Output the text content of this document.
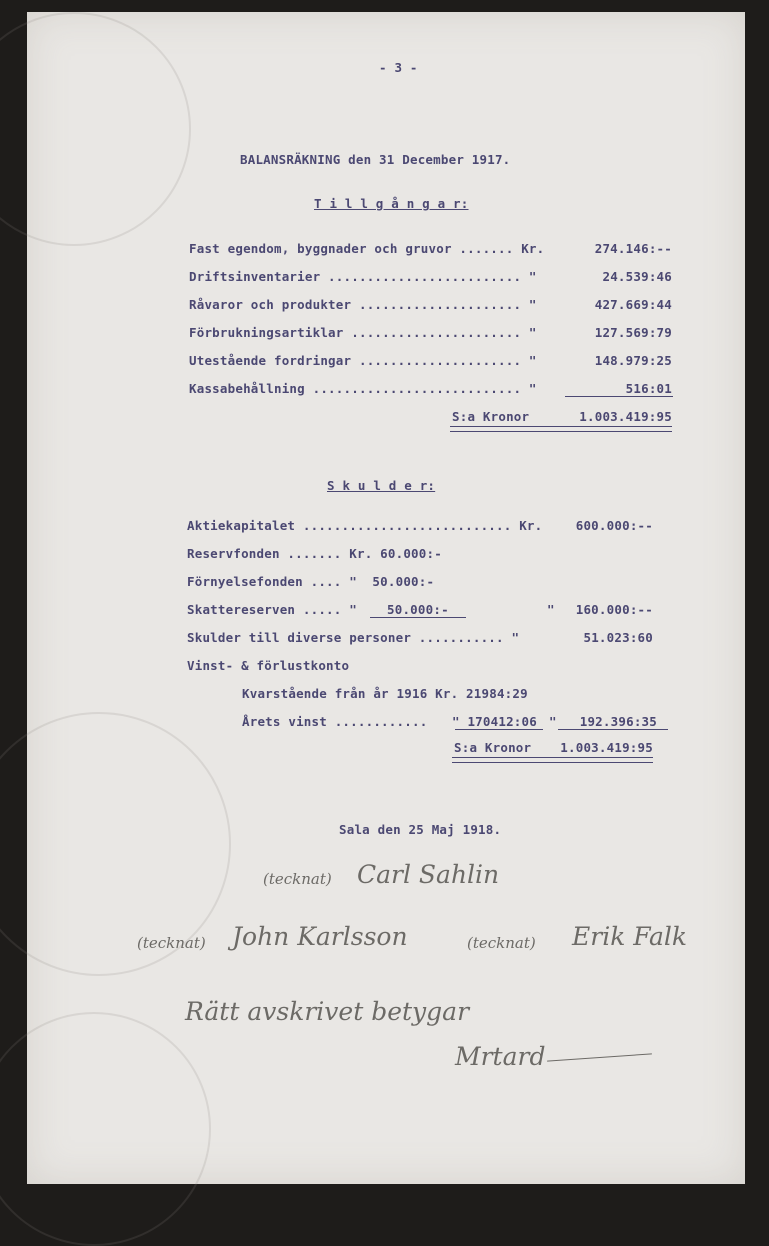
- 3 -
BALANSRÄKNING den 31 December 1917.
T i l l g å n g a r:
Fast egendom, byggnader och gruvor ....... Kr.	274.146:--
Driftsinventarier ......................... "	24.539:46
Råvaror och produkter ..................... "	427.669:44
Förbrukningsartiklar ...................... "	127.569:79
Utestående fordringar ..................... "	148.979:25
Kassabehållning ........................... "	516:01
S:a Kronor	1.003.419:95
S k u l d e r:
Aktiekapitalet ........................... Kr.	600.000:--
Reservfonden ....... Kr. 60.000:-
Förnyelsefonden .... "  50.000:-
Skattereserven ..... " 50.000:-	"	160.000:--
Skulder till diverse personer ........... "	51.023:60
Vinst- & förlustkonto
Kvarstående från år 1916 Kr. 21984:29
Årets vinst ............ " 170412:06 "	192.396:35
S:a Kronor	1.003.419:95
Sala den 25 Maj 1918.
(tecknat) Carl Sahlin
(tecknat) John Karlsson	(tecknat) Erik Falk
Rätt avskrivet betygar
Mrtard
